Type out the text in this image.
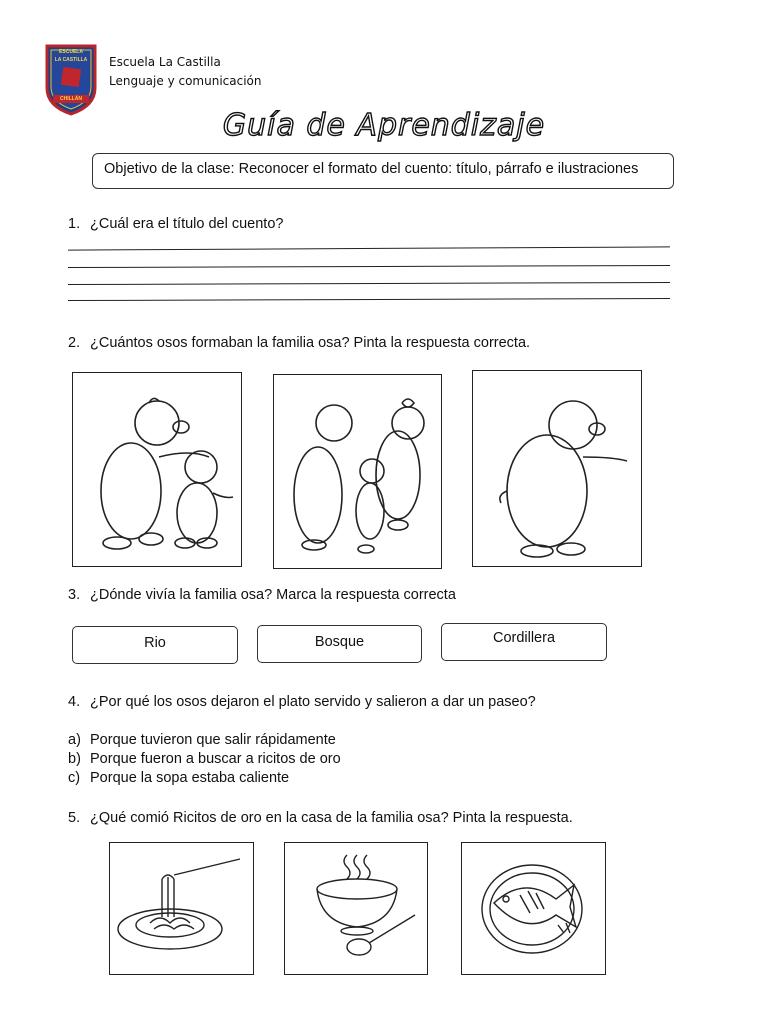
ESCUELA
LA CASTILLA
CHILLÁN
Escuela La Castilla
Lenguaje y comunicación
Guía de Aprendizaje
Objetivo de la clase: Reconocer el formato del cuento: título, párrafo e ilustraciones
1. ¿Cuál era el título del cuento?
2. ¿Cuántos osos formaban la familia osa? Pinta la respuesta correcta.
3. ¿Dónde vivía la familia osa? Marca la respuesta correcta
Rio	Bosque	Cordillera
4. ¿Por qué los osos dejaron el plato servido y salieron a dar un paseo?
a) Porque tuvieron que salir rápidamente
b) Porque fueron a buscar a ricitos de oro
c) Porque la sopa estaba caliente
5. ¿Qué comió Ricitos de oro en la casa de la familia osa? Pinta la respuesta.
